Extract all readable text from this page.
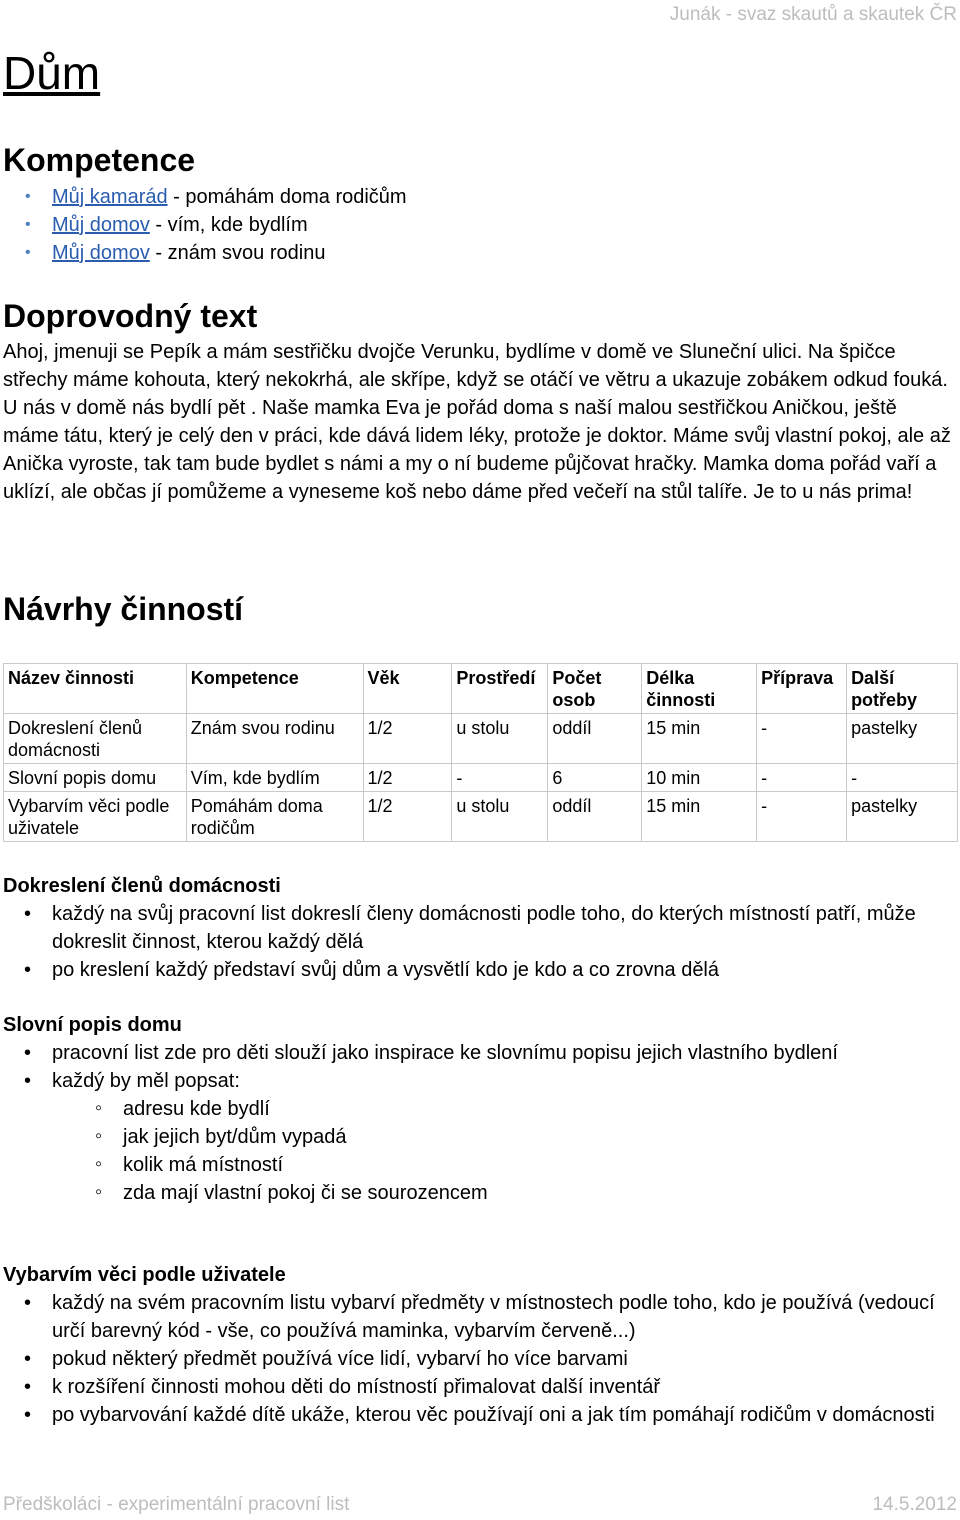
Junák - svaz skautů a skautek ČR
Dům
Kompetence
• Můj kamarád - pomáhám doma rodičům
• Můj domov - vím, kde bydlím
• Můj domov - znám svou rodinu
Doprovodný text

Ahoj, jmenuji se Pepík a mám sestřičku dvojče Verunku, bydlíme v domě ve Sluneční ulici. Na špičce střechy máme kohouta, který nekokrhá, ale skřípe, když se otáčí ve větru a ukazuje zobákem odkud fouká. U nás v domě nás bydlí pět . Naše mamka Eva je pořád doma s naší malou sestřičkou Aničkou, ještě máme tátu, který je celý den v práci, kde dává lidem léky, protože je doktor. Máme svůj vlastní pokoj, ale až Anička vyroste, tak tam bude bydlet s námi a my o ní budeme půjčovat hračky. Mamka doma pořád vaří a uklízí, ale občas jí pomůžeme a vyneseme koš nebo dáme před večeří na stůl talíře. Je to u nás prima!

Návrhy činností
Název činnosti	Kompetence	Věk	Prostředí	Počet osob	Délka činnosti	Příprava	Další potřeby
Dokreslení členů domácnosti	Znám svou rodinu	1/2	u stolu	oddíl	15 min	-	pastelky
Slovní popis domu	Vím, kde bydlím	1/2	-	6	10 min	-	-
Vybarvím věci podle uživatele	Pomáhám doma rodičům	1/2	u stolu	oddíl	15 min	-	pastelky
Dokreslení členů domácnosti
• každý na svůj pracovní list dokreslí členy domácnosti podle toho, do kterých místností patří, může dokreslit činnost, kterou každý dělá
• po kreslení každý představí svůj dům a vysvětlí kdo je kdo a co zrovna dělá
Slovní popis domu
• pracovní list zde pro děti slouží jako inspirace ke slovnímu popisu jejich vlastního bydlení
• každý by měl popsat:
◦ adresu kde bydlí
◦ jak jejich byt/dům vypadá
◦ kolik má místností
◦ zda mají vlastní pokoj či se sourozencem
Vybarvím věci podle uživatele
• každý na svém pracovním listu vybarví předměty v místnostech podle toho, kdo je používá (vedoucí určí barevný kód - vše, co používá maminka, vybarvím červeně...)
• pokud některý předmět používá více lidí, vybarví ho více barvami
• k rozšíření činnosti mohou děti do místností přimalovat další inventář
• po vybarvování každé dítě ukáže, kterou věc používají oni a jak tím pomáhají rodičům v domácnosti
Předškoláci - experimentální pracovní list	14.5.2012
